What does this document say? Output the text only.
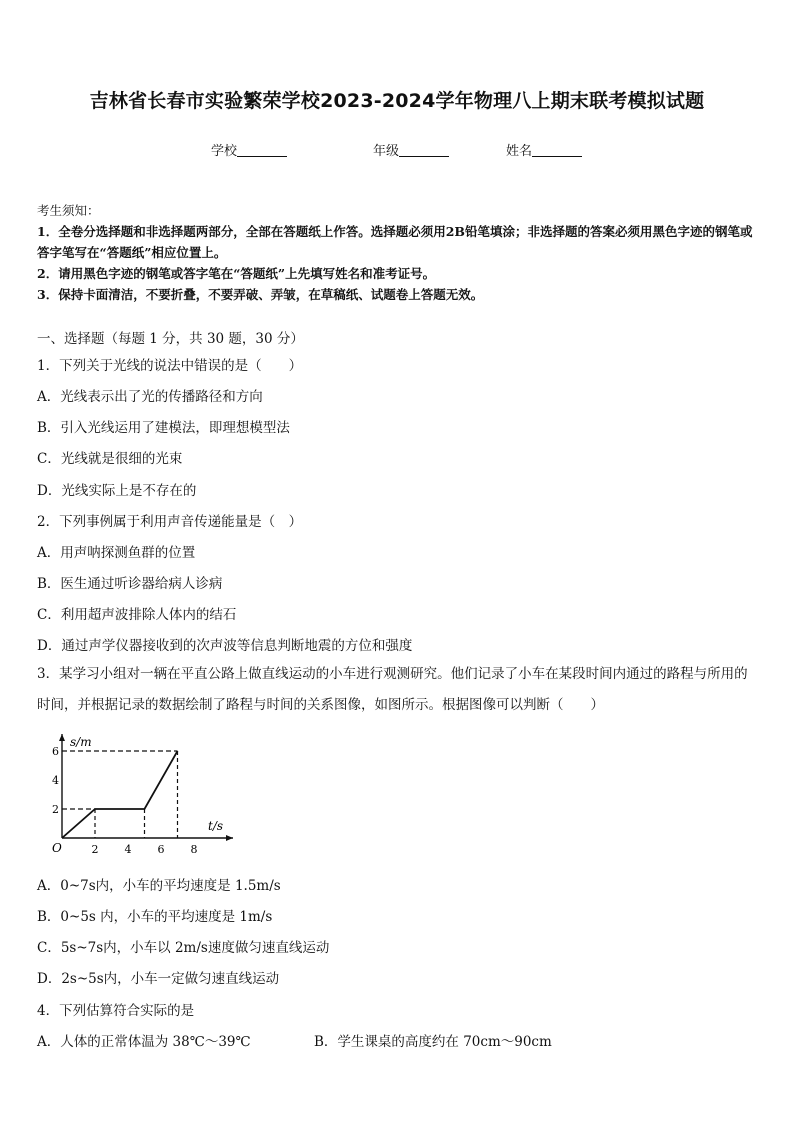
吉林省长春市实验繁荣学校2023-2024学年物理八上期末联考模拟试题
学校	年级	姓名
考生须知：
1．全卷分选择题和非选择题两部分，全部在答题纸上作答。选择题必须用2B铅笔填涂；非选择题的答案必须用黑色字迹的钢笔或答字笔写在“答题纸”相应位置上。
2．请用黑色字迹的钢笔或答字笔在“答题纸”上先填写姓名和准考证号。
3．保持卡面清洁，不要折叠，不要弄破、弄皱，在草稿纸、试题卷上答题无效。
一、选择题（每题 1 分，共 30 题，30 分）
1．下列关于光线的说法中错误的是（　　）
A．光线表示出了光的传播路径和方向
B．引入光线运用了建模法，即理想模型法
C．光线就是很细的光束
D．光线实际上是不存在的
2．下列事例属于利用声音传递能量是（　）
A．用声呐探测鱼群的位置
B．医生通过听诊器给病人诊病
C．利用超声波排除人体内的结石
D．通过声学仪器接收到的次声波等信息判断地震的方位和强度
3．某学习小组对一辆在平直公路上做直线运动的小车进行观测研究。他们记录了小车在某段时间内通过的路程与所用的时间，并根据记录的数据绘制了路程与时间的关系图像，如图所示。根据图像可以判断（　　）
s/m
t/s
O	2 4 6 8
6
4
2
A．0~7s内，小车的平均速度是 1.5m/s
B．0~5s 内，小车的平均速度是 1m/s
C．5s~7s内，小车以 2m/s速度做匀速直线运动
D．2s~5s内，小车一定做匀速直线运动
4．下列估算符合实际的是
A．人体的正常体温为 38℃～39℃	B．学生课桌的高度约在 70cm～90cm
